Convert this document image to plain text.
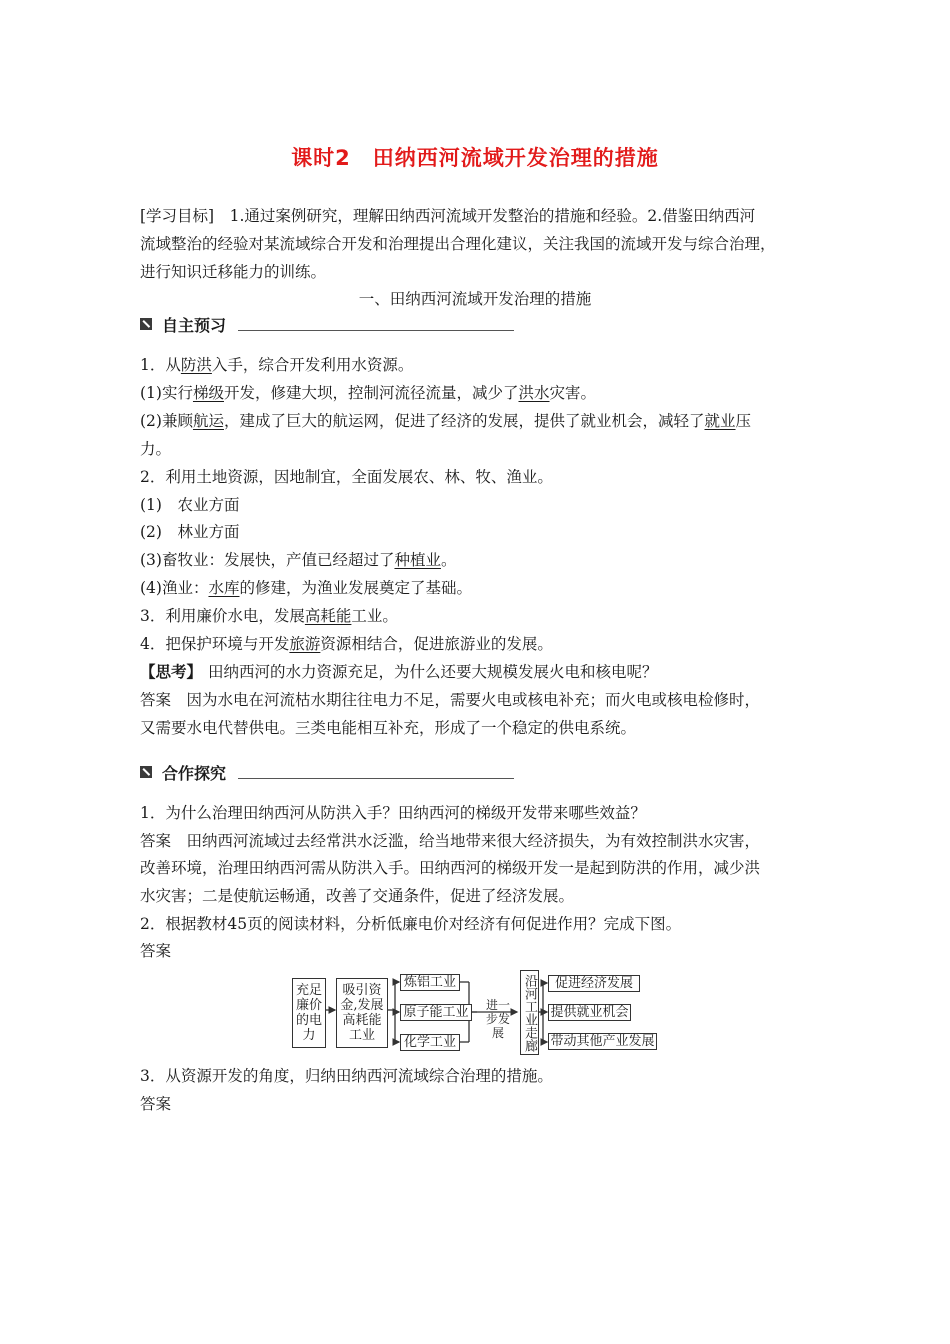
课时2　田纳西河流域开发治理的措施
[学习目标]　1.通过案例研究，理解田纳西河流域开发整治的措施和经验。2.借鉴田纳西河
流域整治的经验对某流域综合开发和治理提出合理化建议，关注我国的流域开发与综合治理，
进行知识迁移能力的训练。
一、田纳西河流域开发治理的措施
自主预习
1．从防洪入手，综合开发利用水资源。
(1)实行梯级开发，修建大坝，控制河流径流量，减少了洪水灾害。
(2)兼顾航运，建成了巨大的航运网，促进了经济的发展，提供了就业机会，减轻了就业压
力。
2．利用土地资源，因地制宜，全面发展农、林、牧、渔业。
(1)　农业方面
(2)　林业方面
(3)畜牧业：发展快，产值已经超过了种植业。
(4)渔业：水库的修建，为渔业发展奠定了基础。
3．利用廉价水电，发展高耗能工业。
4．把保护环境与开发旅游资源相结合，促进旅游业的发展。
【思考】 田纳西河的水力资源充足，为什么还要大规模发展火电和核电呢？
答案　因为水电在河流枯水期往往电力不足，需要火电或核电补充；而火电或核电检修时，
又需要水电代替供电。三类电能相互补充，形成了一个稳定的供电系统。
合作探究
1．为什么治理田纳西河从防洪入手？田纳西河的梯级开发带来哪些效益？
答案　田纳西河流域过去经常洪水泛滥，给当地带来很大经济损失，为有效控制洪水灾害，
改善环境，治理田纳西河需从防洪入手。田纳西河的梯级开发一是起到防洪的作用，减少洪
水灾害；二是使航运畅通，改善了交通条件，促进了经济发展。
2．根据教材45页的阅读材料，分析低廉电价对经济有何促进作用？完成下图。
答案
充足廉价的电力
吸引资金,发展高耗能工业
炼铝工业
原子能工业
化学工业
进一步发展	沿河工业走廊	促进经济发展
提供就业机会
带动其他产业发展
3．从资源开发的角度，归纳田纳西河流域综合治理的措施。
答案
